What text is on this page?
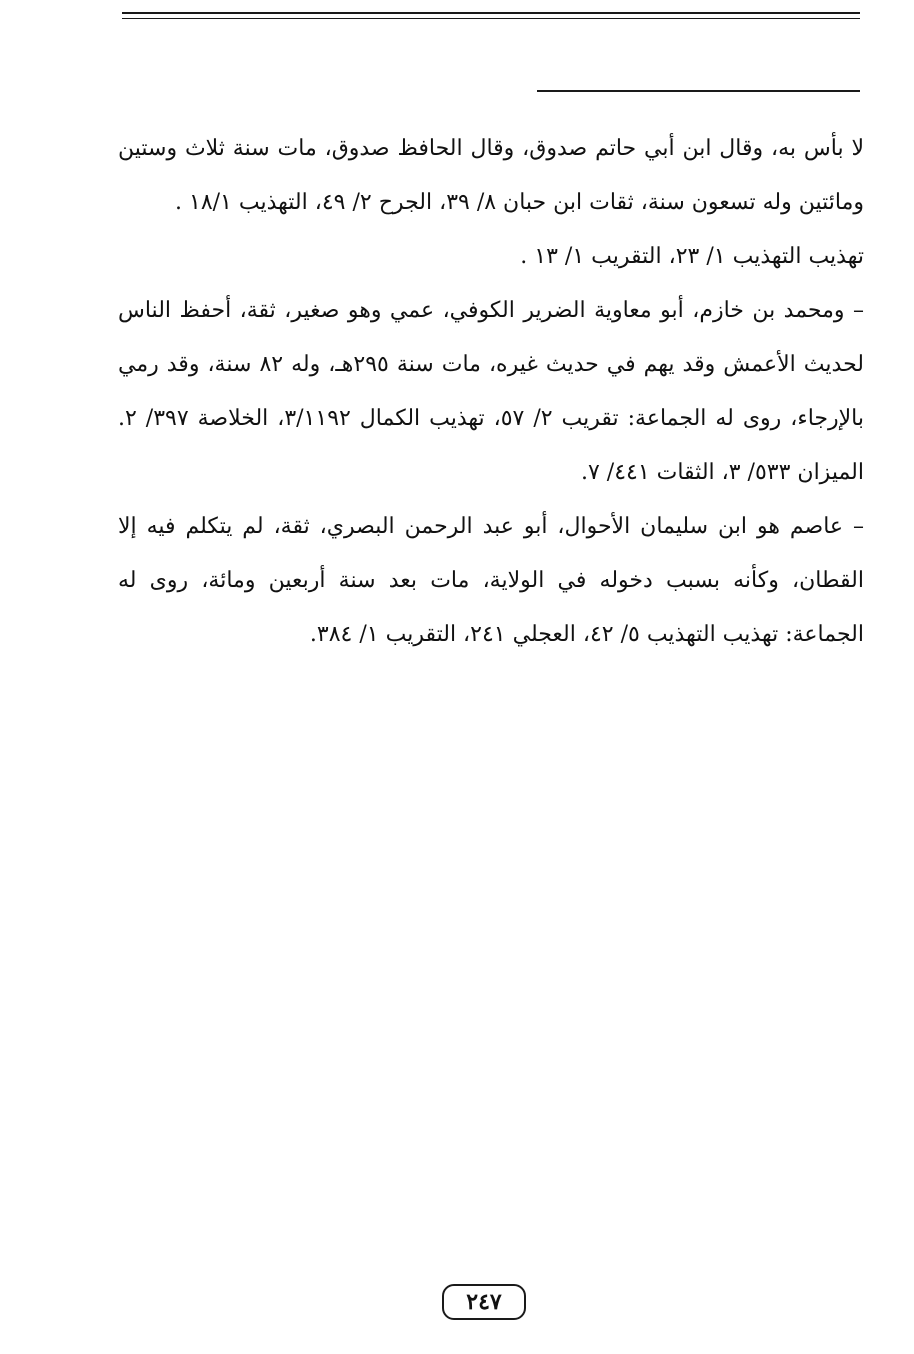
لا بأس به، وقال ابن أبي حاتم صدوق، وقال الحافظ صدوق، مات سنة ثلاث وستين ومائتين وله تسعون سنة، ثقات ابن حبان ٨/ ٣٩، الجرح ٢/ ٤٩، التهذيب ١٨/١ .

تهذيب التهذيب ١/ ٢٣، التقريب ١/ ١٣ .

– ومحمد بن خازم، أبو معاوية الضرير الكوفي، عمي وهو صغير، ثقة، أحفظ الناس لحديث الأعمش وقد يهم في حديث غيره، مات سنة ٢٩٥هـ، وله ٨٢ سنة، وقد رمي بالإرجاء، روى له الجماعة: تقريب ٢/ ٥٧، تهذيب الكمال ٣/١١٩٢، الخلاصة ٣٩٧/ ٢. الميزان ٥٣٣/ ٣، الثقات ٤٤١/ ٧.

– عاصم هو ابن سليمان الأحوال، أبو عبد الرحمن البصري، ثقة، لم يتكلم فيه إلا القطان، وكأنه بسبب دخوله في الولاية، مات بعد سنة أربعين ومائة، روى له الجماعة: تهذيب التهذيب ٥/ ٤٢، العجلي ٢٤١، التقريب ١/ ٣٨٤.

٢٤٧
